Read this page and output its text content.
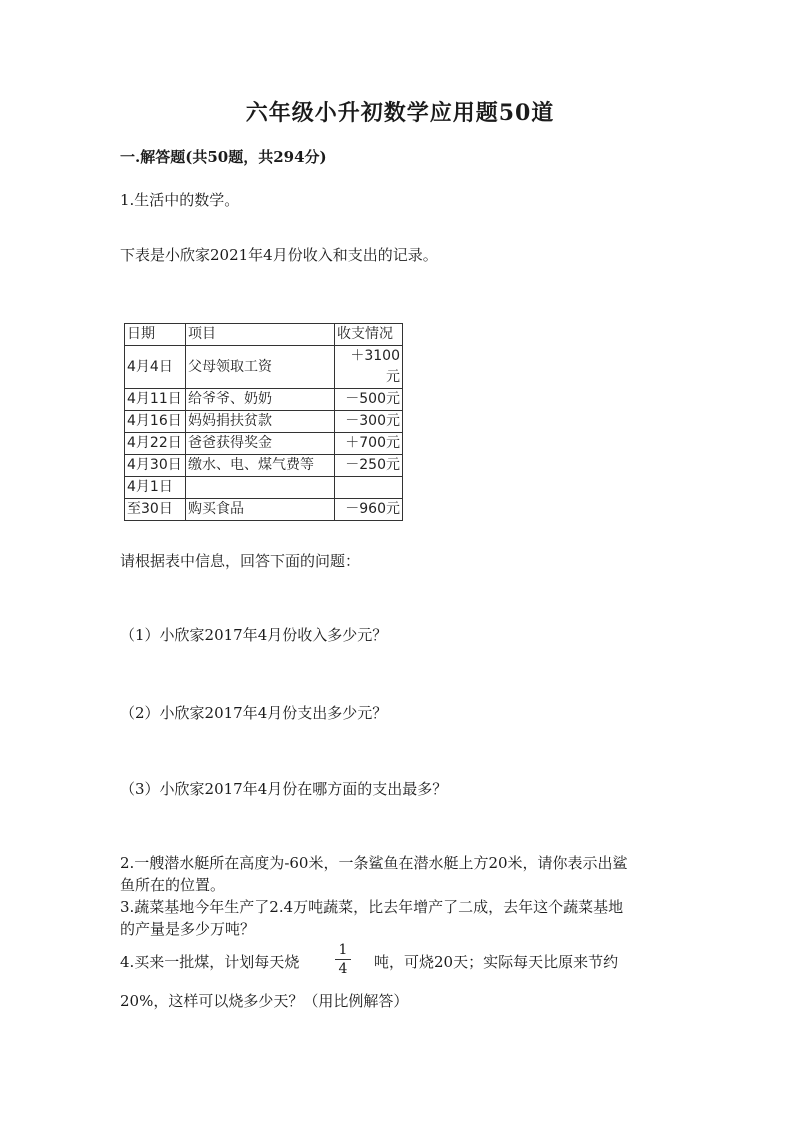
六年级小升初数学应用题50道
一.解答题(共50题，共294分)
1.生活中的数学。
下表是小欣家2021年4月份收入和支出的记录。
日期	项目	收支情况
4月4日	父母领取工资	＋3100元
4月11日	给爷爷、奶奶	－500元
4月16日	妈妈捐扶贫款	－300元
4月22日	爸爸获得奖金	＋700元
4月30日	缴水、电、煤气费等	－250元
4月1日		
至30日	购买食品	－960元
请根据表中信息，回答下面的问题：
（1）小欣家2017年4月份收入多少元？
（2）小欣家2017年4月份支出多少元？
（3）小欣家2017年4月份在哪方面的支出最多？
2.一艘潜水艇所在高度为-60米，一条鲨鱼在潜水艇上方20米，请你表示出鲨
鱼所在的位置。
3.蔬菜基地今年生产了2.4万吨蔬菜，比去年增产了二成，去年这个蔬菜基地
的产量是多少万吨？
4.买来一批煤，计划每天烧
1
4	吨，可烧20天；实际每天比原来节约
20%，这样可以烧多少天？（用比例解答）
